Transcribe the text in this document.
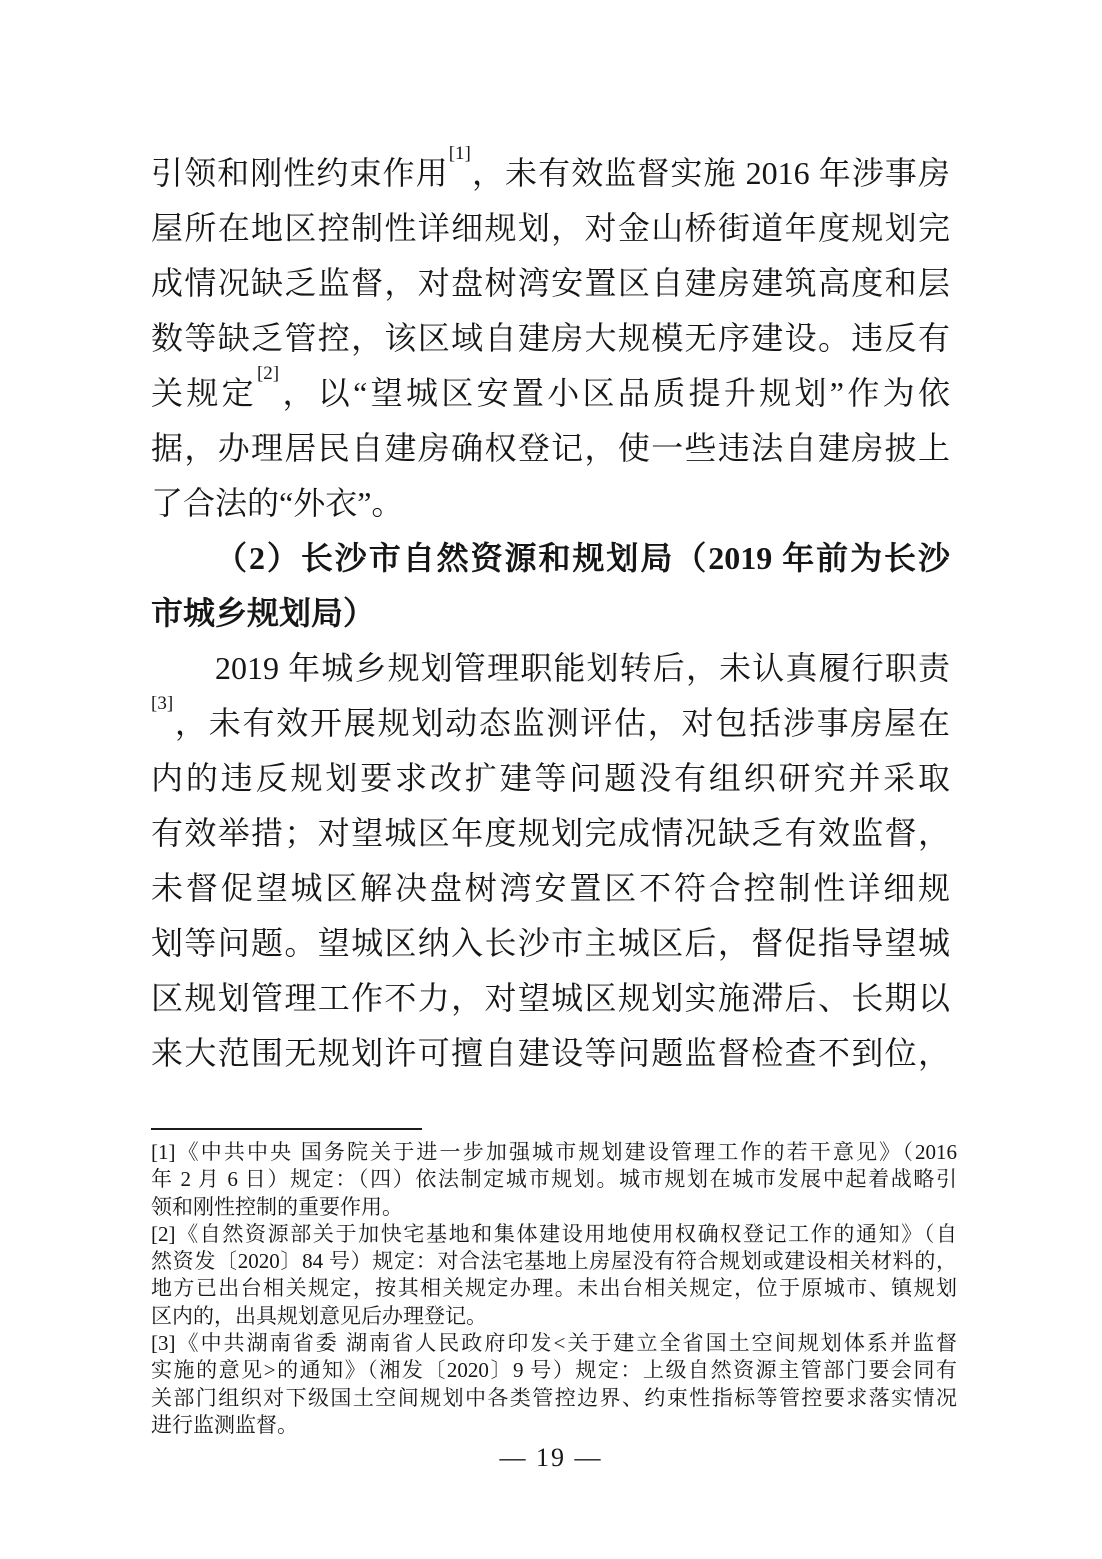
引领和刚性约束作用[1]，未有效监督实施 2016 年涉事房
屋所在地区控制性详细规划，对金山桥街道年度规划完
成情况缺乏监督，对盘树湾安置区自建房建筑高度和层
数等缺乏管控，该区域自建房大规模无序建设。违反有
关规定[2]，以“望城区安置小区品质提升规划”作为依
据，办理居民自建房确权登记，使一些违法自建房披上
了合法的“外衣”。
（2）长沙市自然资源和规划局（2019 年前为长沙
市城乡规划局）
2019 年城乡规划管理职能划转后，未认真履行职责
[3]，未有效开展规划动态监测评估，对包括涉事房屋在
内的违反规划要求改扩建等问题没有组织研究并采取
有效举措；对望城区年度规划完成情况缺乏有效监督，
未督促望城区解决盘树湾安置区不符合控制性详细规
划等问题。望城区纳入长沙市主城区后，督促指导望城
区规划管理工作不力，对望城区规划实施滞后、长期以
来大范围无规划许可擅自建设等问题监督检查不到位，
[1]《中共中央 国务院关于进一步加强城市规划建设管理工作的若干意见》（2016
年 2 月 6 日）规定：（四）依法制定城市规划。城市规划在城市发展中起着战略引
领和刚性控制的重要作用。
[2]《自然资源部关于加快宅基地和集体建设用地使用权确权登记工作的通知》（自
然资发〔2020〕84 号）规定：对合法宅基地上房屋没有符合规划或建设相关材料的，
地方已出台相关规定，按其相关规定办理。未出台相关规定，位于原城市、镇规划
区内的，出具规划意见后办理登记。
[3]《中共湖南省委 湖南省人民政府印发<关于建立全省国土空间规划体系并监督
实施的意见>的通知》（湘发〔2020〕9 号）规定：上级自然资源主管部门要会同有
关部门组织对下级国土空间规划中各类管控边界、约束性指标等管控要求落实情况
进行监测监督。
— 19 —
